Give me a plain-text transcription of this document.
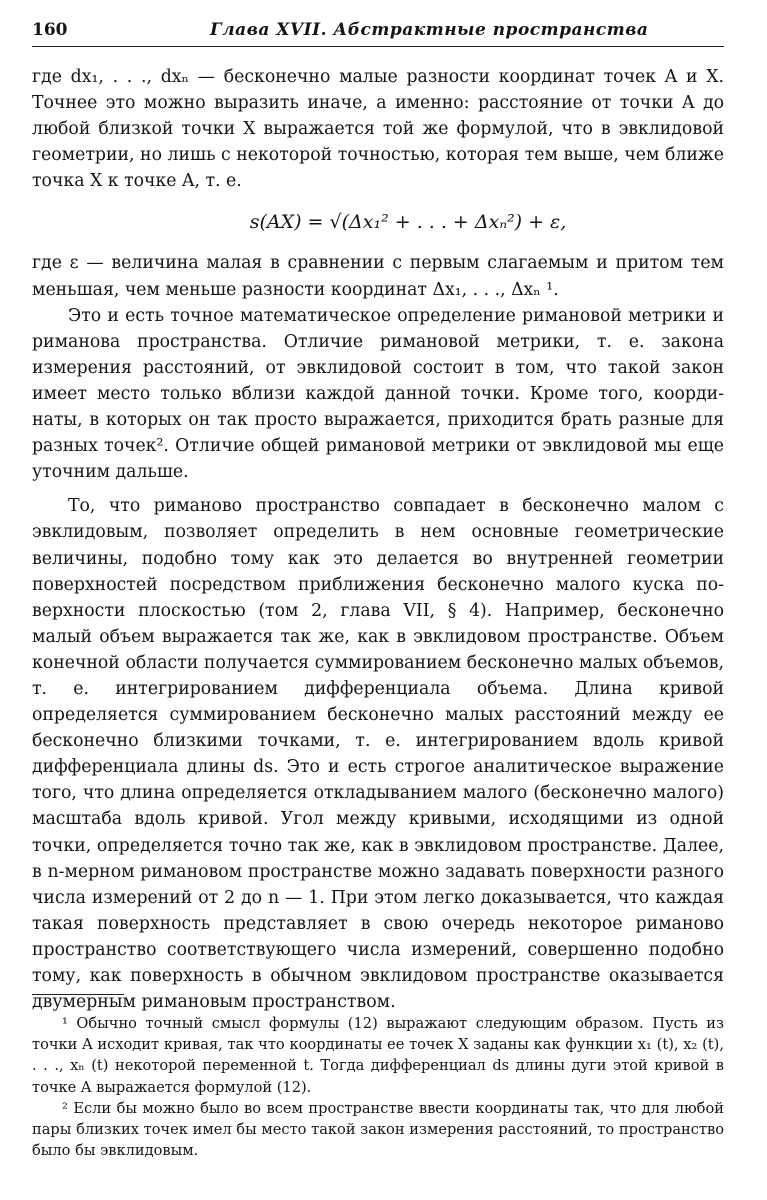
160	Глава XVII. Абстрактные пространства

где dx₁, . . ., dxₙ — бесконечно малые разности координат точек A и X. Точнее это можно выразить иначе, а именно: расстояние от точки A до любой близкой точки X выражается той же формулой, что в эвклидовой геометрии, но лишь с некоторой точностью, которая тем выше, чем ближе точка X к точке A, т. е.

s(AX) = √(Δx₁² + . . . + Δxₙ²) + ε,

где ε — величина малая в сравнении с первым слагаемым и притом тем меньшая, чем меньше разности координат Δx₁, . . ., Δxₙ ¹.

Это и есть точное математическое определение римановой метрики и риманова пространства. Отличие римановой метрики, т. е. закона измерения расстояний, от эвклидовой состоит в том, что такой закон имеет место только вблизи каждой данной точки. Кроме того, координаты, в которых он так просто выражается, приходится брать разные для разных точек². Отличие общей римановой метрики от эвклидовой мы еще уточним дальше.

То, что риманово пространство совпадает в бесконечно малом с эвклидовым, позволяет определить в нем основные геометрические величины, подобно тому как это делается во внутренней геометрии поверхностей посредством приближения бесконечно малого куска поверхности плоскостью (том 2, глава VII, § 4). Например, бесконечно малый объем выражается так же, как в эвклидовом пространстве. Объем конечной области получается суммированием бесконечно малых объемов, т. е. интегрированием дифференциала объема. Длина кривой определяется суммированием бесконечно малых расстояний между ее бесконечно близкими точками, т. е. интегрированием вдоль кривой дифференциала длины ds. Это и есть строгое аналитическое выражение того, что длина определяется откладыванием малого (бесконечно малого) масштаба вдоль кривой. Угол между кривыми, исходящими из одной точки, определяется точно так же, как в эвклидовом пространстве. Далее, в n-мерном римановом пространстве можно задавать поверхности разного числа измерений от 2 до n — 1. При этом легко доказывается, что каждая такая поверхность представляет в свою очередь некоторое риманово пространство соответствующего числа измерений, совершенно подобно тому, как поверхность в обычном эвклидовом пространстве оказывается двумерным римановым пространством.

¹ Обычно точный смысл формулы (12) выражают следующим образом. Пусть из точки A исходит кривая, так что координаты ее точек X заданы как функции x₁ (t), x₂ (t), . . ., xₙ (t) некоторой переменной t. Тогда дифференциал ds длины дуги этой кривой в точке A выражается формулой (12).

² Если бы можно было во всем пространстве ввести координаты так, что для любой пары близких точек имел бы место такой закон измерения расстояний, то пространство было бы эвклидовым.
